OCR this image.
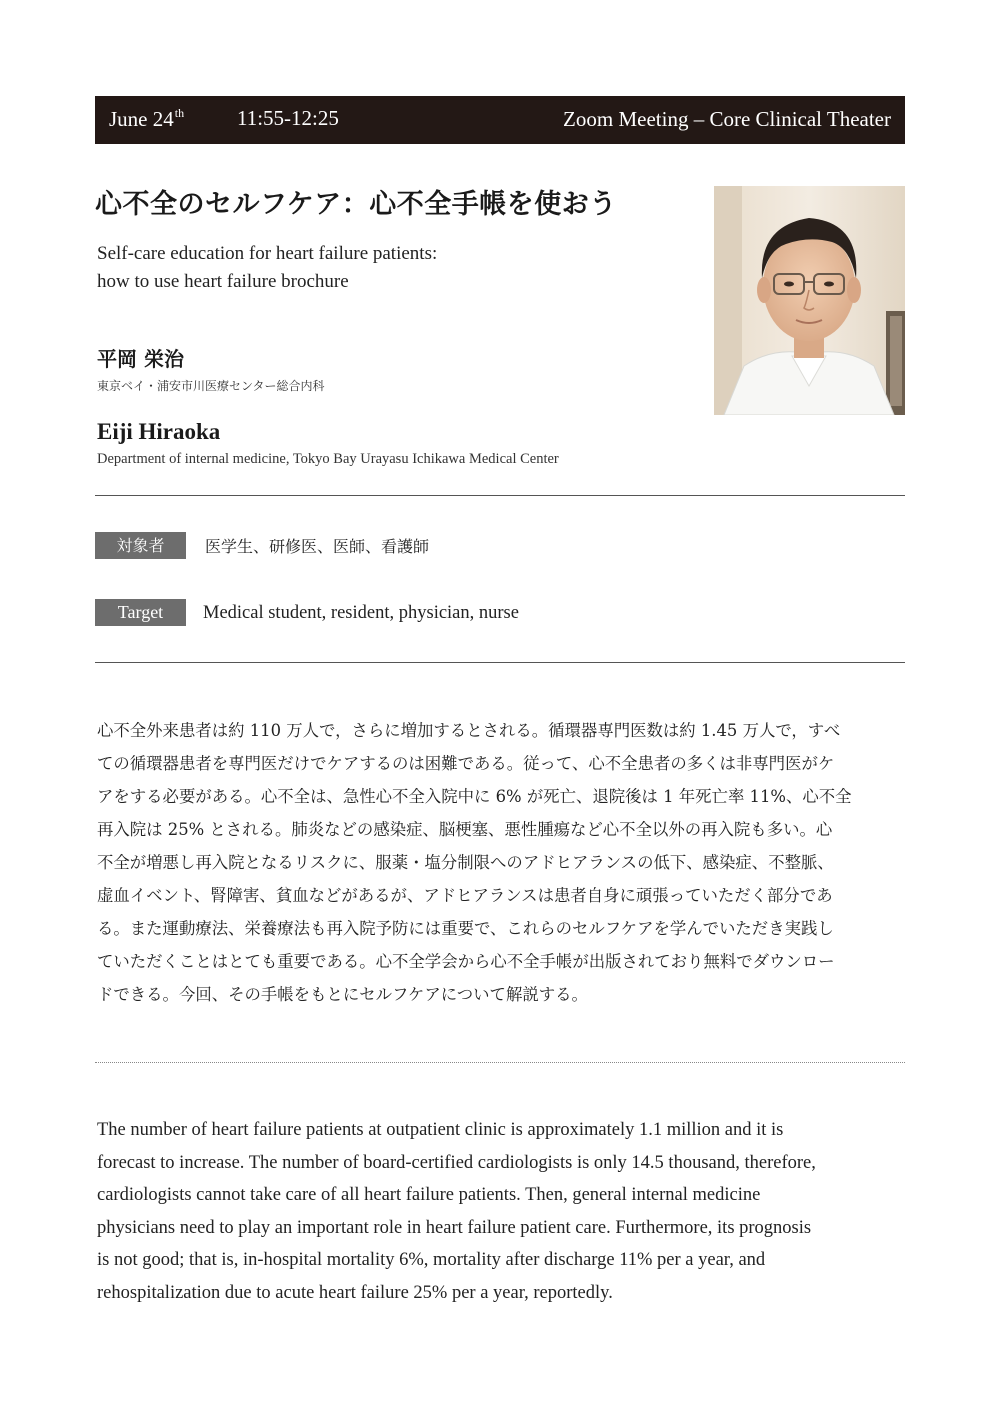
June 24th	11:55-12:25	Zoom Meeting – Core Clinical Theater
心不全のセルフケア：心不全手帳を使おう
Self-care education for heart failure patients:
how to use heart failure brochure
平岡 栄治
東京ベイ・浦安市川医療センター総合内科
Eiji Hiraoka
Department of internal medicine, Tokyo Bay Urayasu Ichikawa Medical Center
対象者	医学生、研修医、医師、看護師
Target	Medical student, resident, physician, nurse
心不全外来患者は約 110 万人で，さらに増加するとされる。循環器専門医数は約 1.45 万人で，すべ
ての循環器患者を専門医だけでケアするのは困難である。従って、心不全患者の多くは非専門医がケ
アをする必要がある。心不全は、急性心不全入院中に 6% が死亡、退院後は 1 年死亡率 11%、心不全
再入院は 25% とされる。肺炎などの感染症、脳梗塞、悪性腫瘍など心不全以外の再入院も多い。心
不全が増悪し再入院となるリスクに、服薬・塩分制限へのアドヒアランスの低下、感染症、不整脈、
虚血イベント、腎障害、貧血などがあるが、アドヒアランスは患者自身に頑張っていただく部分であ
る。また運動療法、栄養療法も再入院予防には重要で、これらのセルフケアを学んでいただき実践し
ていただくことはとても重要である。心不全学会から心不全手帳が出版されており無料でダウンロー
ドできる。今回、その手帳をもとにセルフケアについて解説する。
The number of heart failure patients at outpatient clinic is approximately 1.1 million and it is
forecast to increase. The number of board-certified cardiologists is only 14.5 thousand, therefore,
cardiologists cannot take care of all heart failure patients. Then, general internal medicine
physicians need to play an important role in heart failure patient care. Furthermore, its prognosis
is not good; that is, in-hospital mortality 6%, mortality after discharge 11% per a year, and
rehospitalization due to acute heart failure 25% per a year, reportedly.
